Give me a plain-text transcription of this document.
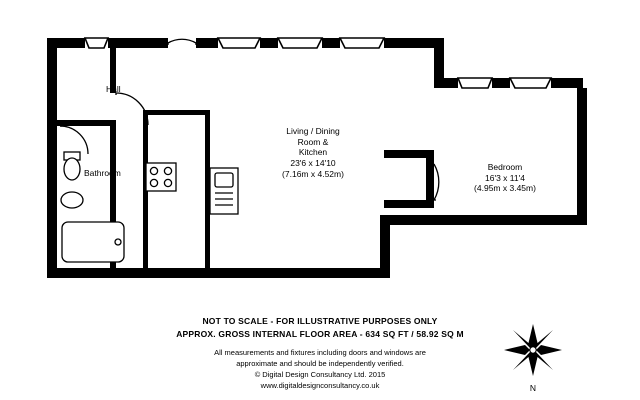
Hall
Bathroom
Living / Dining
Room &
Kitchen
23'6 x 14'10
(7.16m x 4.52m)
Bedroom
16'3 x 11'4
(4.95m x 3.45m)
NOT TO SCALE - FOR ILLUSTRATIVE PURPOSES ONLY
APPROX. GROSS INTERNAL FLOOR AREA - 634 SQ FT / 58.92 SQ M
All measurements and fixtures including doors and windows are
approximate and should be independently verified.
© Digital Design Consultancy Ltd. 2015
www.digitaldesignconsultancy.co.uk	N
